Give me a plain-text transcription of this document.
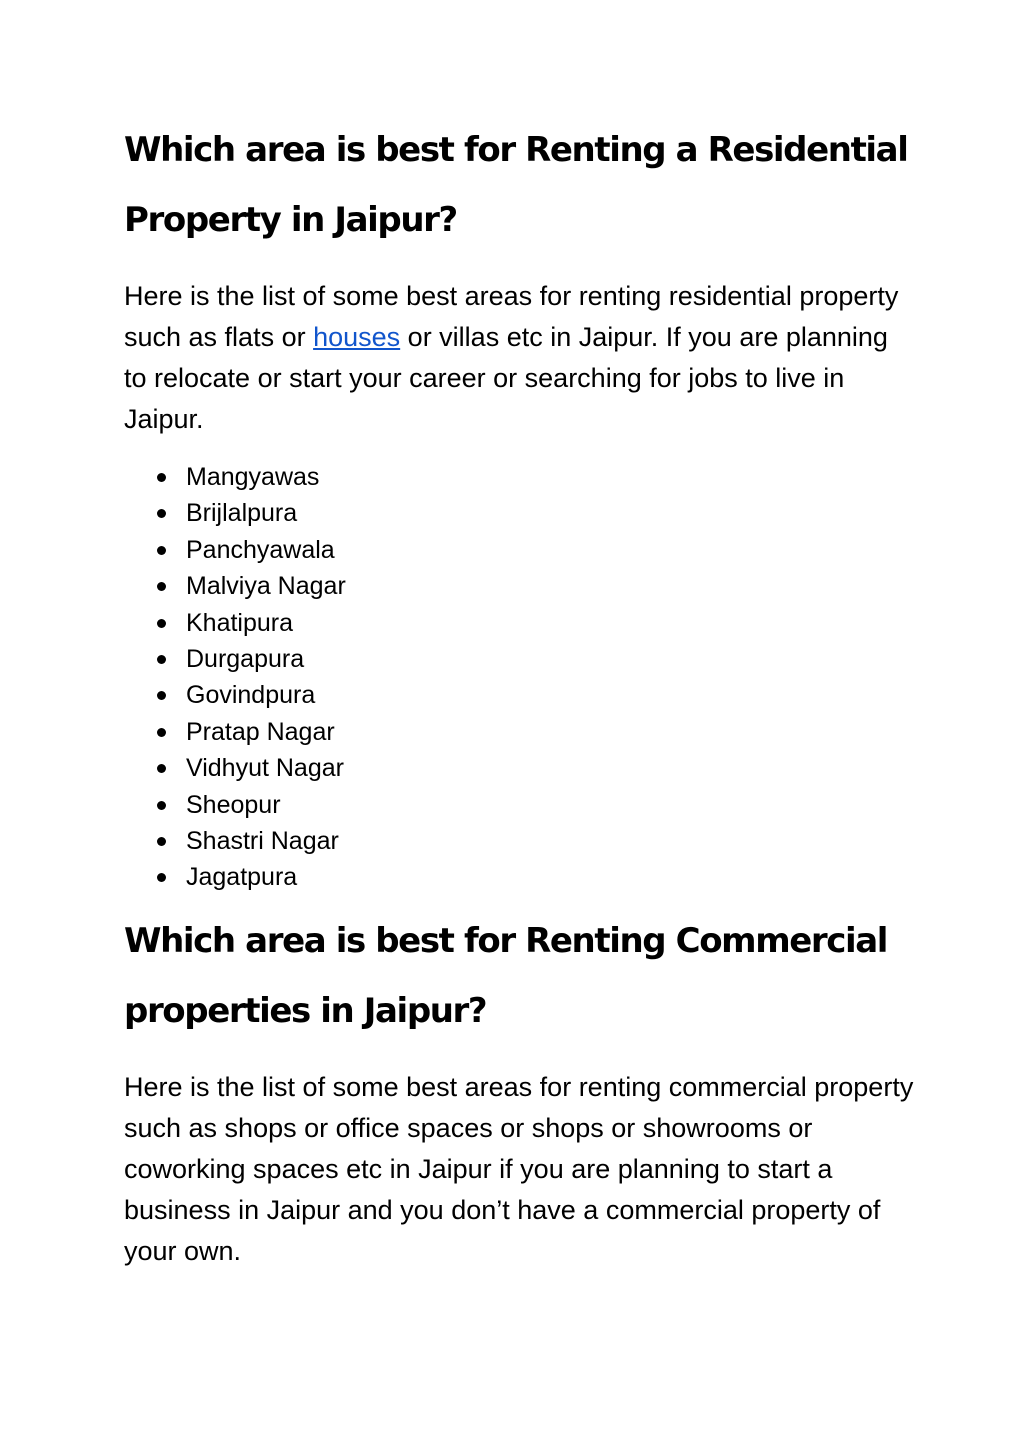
Which area is best for Renting a Residential Property in Jaipur?

Here is the list of some best areas for renting residential property such as flats or houses or villas etc in Jaipur. If you are planning to relocate or start your career or searching for jobs to live in Jaipur.

Mangyawas
Brijlalpura
Panchyawala
Malviya Nagar
Khatipura
Durgapura
Govindpura
Pratap Nagar
Vidhyut Nagar
Sheopur
Shastri Nagar
Jagatpura
Which area is best for Renting Commercial properties in Jaipur?

Here is the list of some best areas for renting commercial property such as shops or office spaces or shops or showrooms or coworking spaces etc in Jaipur if you are planning to start a business in Jaipur and you don’t have a commercial property of your own.
